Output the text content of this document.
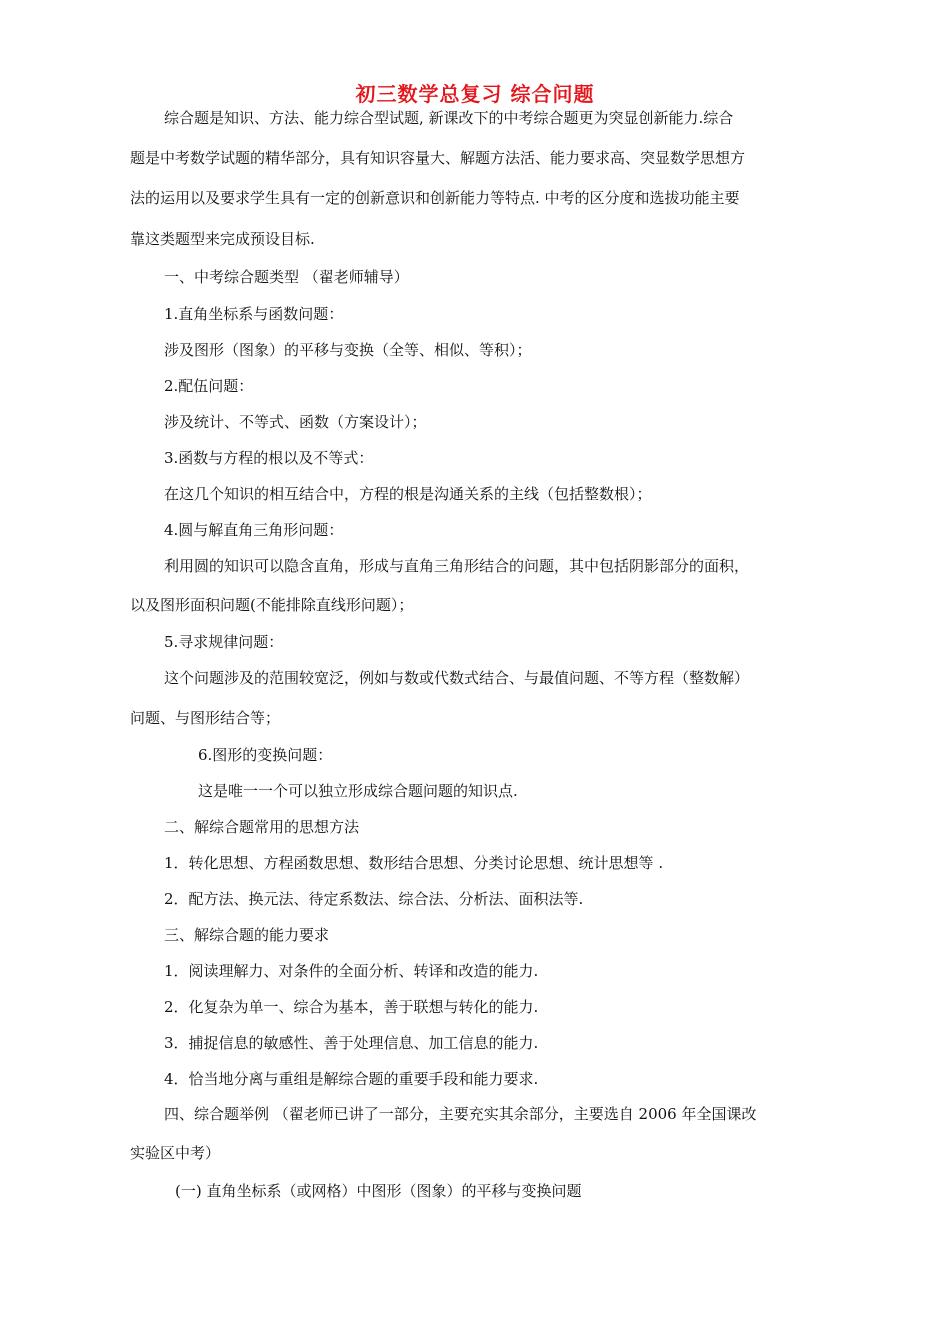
初三数学总复习 综合问题
综合题是知识、方法、能力综合型试题, 新课改下的中考综合题更为突显创新能力.综合
题是中考数学试题的精华部分，具有知识容量大、解题方法活、能力要求高、突显数学思想方
法的运用以及要求学生具有一定的创新意识和创新能力等特点. 中考的区分度和选拔功能主要
靠这类题型来完成预设目标.
一、中考综合题类型 （翟老师辅导）
1.直角坐标系与函数问题：
涉及图形（图象）的平移与变换（全等、相似、等积）；
2.配伍问题：
涉及统计、不等式、函数（方案设计）；
3.函数与方程的根以及不等式：
在这几个知识的相互结合中，方程的根是沟通关系的主线（包括整数根）；
4.圆与解直角三角形问题：
利用圆的知识可以隐含直角，形成与直角三角形结合的问题，其中包括阴影部分的面积，
以及图形面积问题(不能排除直线形问题）；
5.寻求规律问题：
这个问题涉及的范围较宽泛，例如与数或代数式结合、与最值问题、不等方程（整数解）
问题、与图形结合等；
6.图形的变换问题：
这是唯一一个可以独立形成综合题问题的知识点.
二、解综合题常用的思想方法
1．转化思想、方程函数思想、数形结合思想、分类讨论思想、统计思想等 .
2．配方法、换元法、待定系数法、综合法、分析法、面积法等.
三、解综合题的能力要求
1．阅读理解力、对条件的全面分析、转译和改造的能力.
2．化复杂为单一、综合为基本，善于联想与转化的能力.
3．捕捉信息的敏感性、善于处理信息、加工信息的能力.
4．恰当地分离与重组是解综合题的重要手段和能力要求.
四、综合题举例 （翟老师已讲了一部分，主要充实其余部分，主要选自 2006 年全国课改
实验区中考）
(一) 直角坐标系（或网格）中图形（图象）的平移与变换问题
